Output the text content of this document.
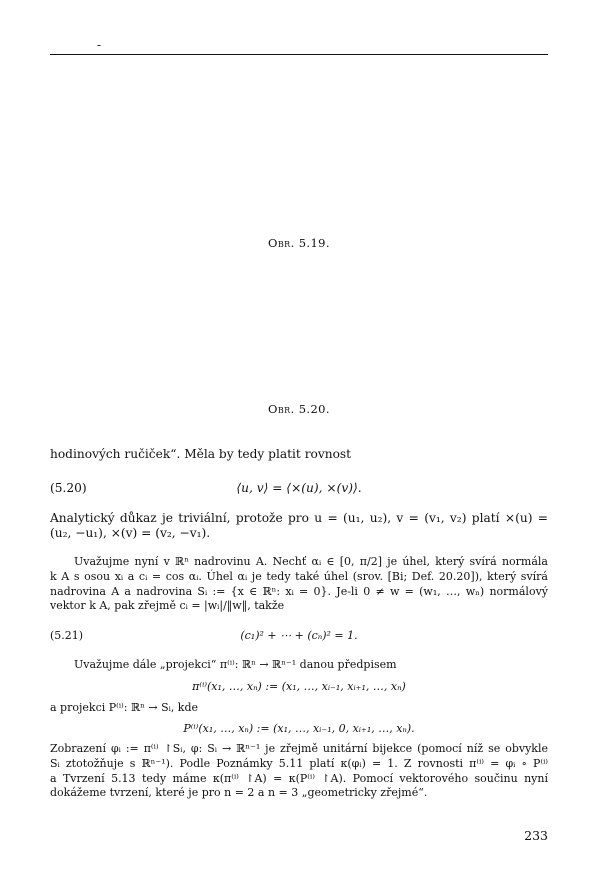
-
Obr. 5.19.
Obr. 5.20.
hodinových ručiček“. Měla by tedy platit rovnost
(5.20)	⟨u, v⟩ = ⟨×(u), ×(v)⟩.
Analytický důkaz je triviální, protože pro u = (u₁, u₂), v = (v₁, v₂) platí ×(u) =
(u₂, −u₁), ×(v) = (v₂, −v₁).
Uvažujme nyní v ℝⁿ nadrovinu A. Nechť αᵢ ∈ [0, π/2] je úhel, který svírá normála
k A s osou xᵢ a cᵢ = cos αᵢ. Úhel αᵢ je tedy také úhel (srov. [Bi; Def. 20.20]), který svírá
nadrovina A a nadrovina Sᵢ := {x ∈ ℝⁿ: xᵢ = 0}. Je-li 0 ≠ w = (w₁, …, wₙ) normálový
vektor k A, pak zřejmě cᵢ = |wᵢ|/‖w‖, takže
(5.21)	(c₁)² + ⋯ + (cₙ)² = 1.
Uvažujme dále „projekci“ π⁽ⁱ⁾: ℝⁿ → ℝⁿ⁻¹ danou předpisem
π⁽ⁱ⁾(x₁, …, xₙ) := (x₁, …, xᵢ₋₁, xᵢ₊₁, …, xₙ)
a projekci P⁽ⁱ⁾: ℝⁿ → Sᵢ, kde
P⁽ⁱ⁾(x₁, …, xₙ) := (x₁, …, xᵢ₋₁, 0, xᵢ₊₁, …, xₙ).
Zobrazení φᵢ := π⁽ⁱ⁾ ↾Sᵢ, φ: Sᵢ → ℝⁿ⁻¹ je zřejmě unitární bijekce (pomocí níž se obvykle
Sᵢ ztotožňuje s ℝⁿ⁻¹). Podle Poznámky 5.11 platí κ(φᵢ) = 1. Z rovnosti π⁽ⁱ⁾ = φᵢ ∘ P⁽ⁱ⁾
a Tvrzení 5.13 tedy máme κ(π⁽ⁱ⁾ ↾A) = κ(P⁽ⁱ⁾ ↾A). Pomocí vektorového součinu nyní
dokážeme tvrzení, které je pro n = 2 a n = 3 „geometricky zřejmé“.
233
